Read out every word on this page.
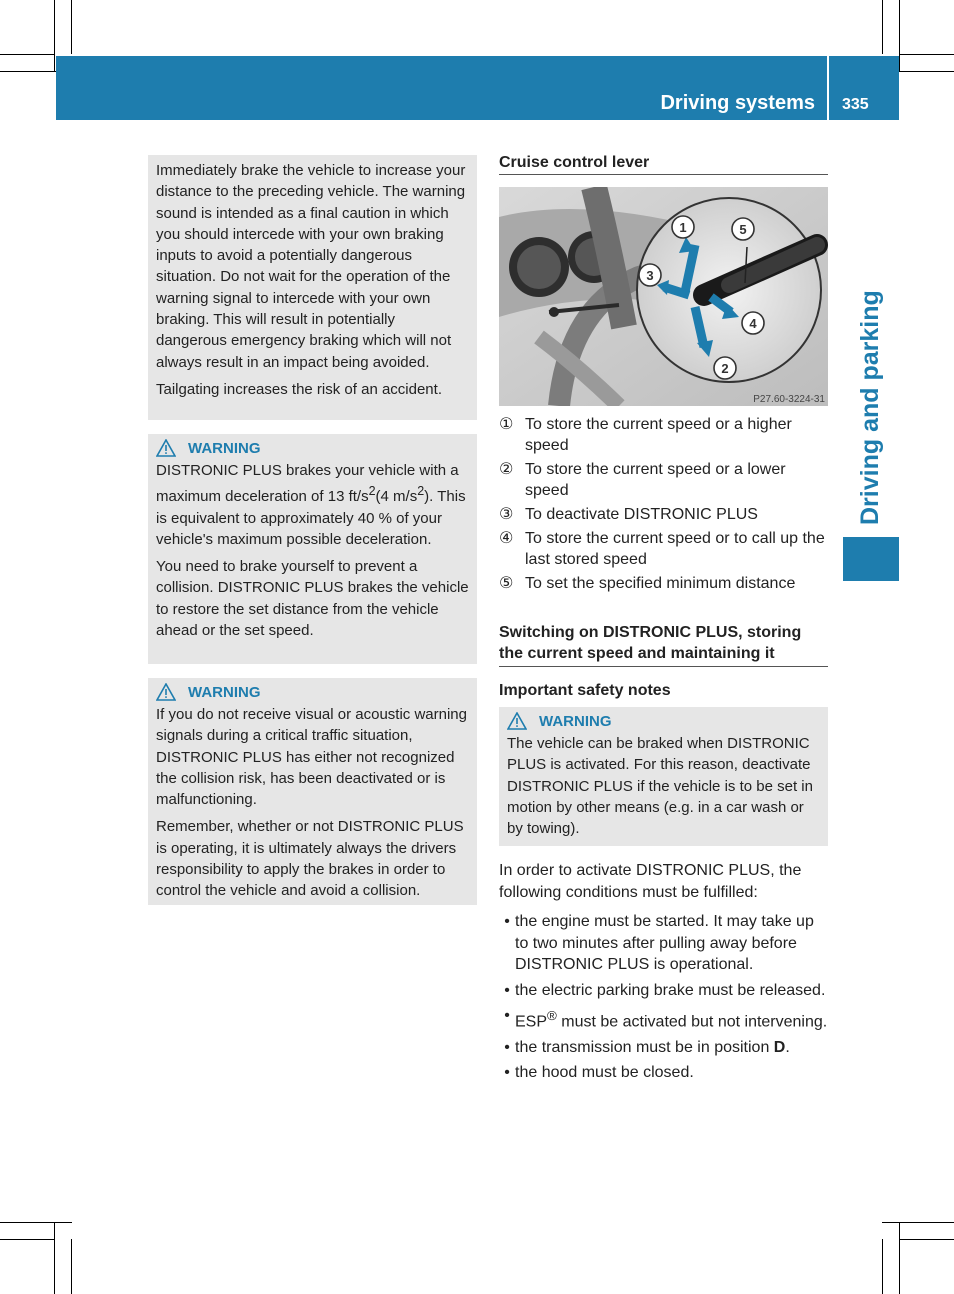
Driving systems 335
Driving and parking

Immediately brake the vehicle to increase your distance to the preceding vehicle. The warning sound is intended as a final caution in which you should intercede with your own braking inputs to avoid a potentially dangerous situation. Do not wait for the operation of the warning signal to intercede with your own braking. This will result in potentially dangerous emergency braking which will not always result in an impact being avoided.

Tailgating increases the risk of an accident.

WARNING

DISTRONIC PLUS brakes your vehicle with a maximum deceleration of 13 $ft/s^2(4$ $m/s^2$). This is equivalent to approximately 40 % of your vehicle's maximum possible deceleration.

You need to brake yourself to prevent a collision. DISTRONIC PLUS brakes the vehicle to restore the set distance from the vehicle ahead or the set speed.

WARNING

If you do not receive visual or acoustic warning signals during a critical traffic situation, DISTRONIC PLUS has either not recognized the collision risk, has been deactivated or is malfunctioning.

Remember, whether or not DISTRONIC PLUS is operating, it is ultimately always the drivers responsibility to apply the brakes in order to control the vehicle and avoid a collision.

Cruise control lever
1	5
3
4
2
P27.60-3224-31
① To store the current speed or a higher speed
② To store the current speed or a lower speed
③ To deactivate DISTRONIC PLUS
④ To store the current speed or to call up the last stored speed
⑤ To set the specified minimum distance
Switching on DISTRONIC PLUS, storing the current speed and maintaining it
Important safety notes
WARNING

The vehicle can be braked when DISTRONIC PLUS is activated. For this reason, deactivate DISTRONIC PLUS if the vehicle is to be set in motion by other means (e.g. in a car wash or by towing).

In order to activate DISTRONIC PLUS, the following conditions must be fulfilled:

• the engine must be started. It may take up to two minutes after pulling away before DISTRONIC PLUS is operational.
• the electric parking brake must be released.
• ESP® must be activated but not intervening.
• the transmission must be in position D.
• the hood must be closed.
